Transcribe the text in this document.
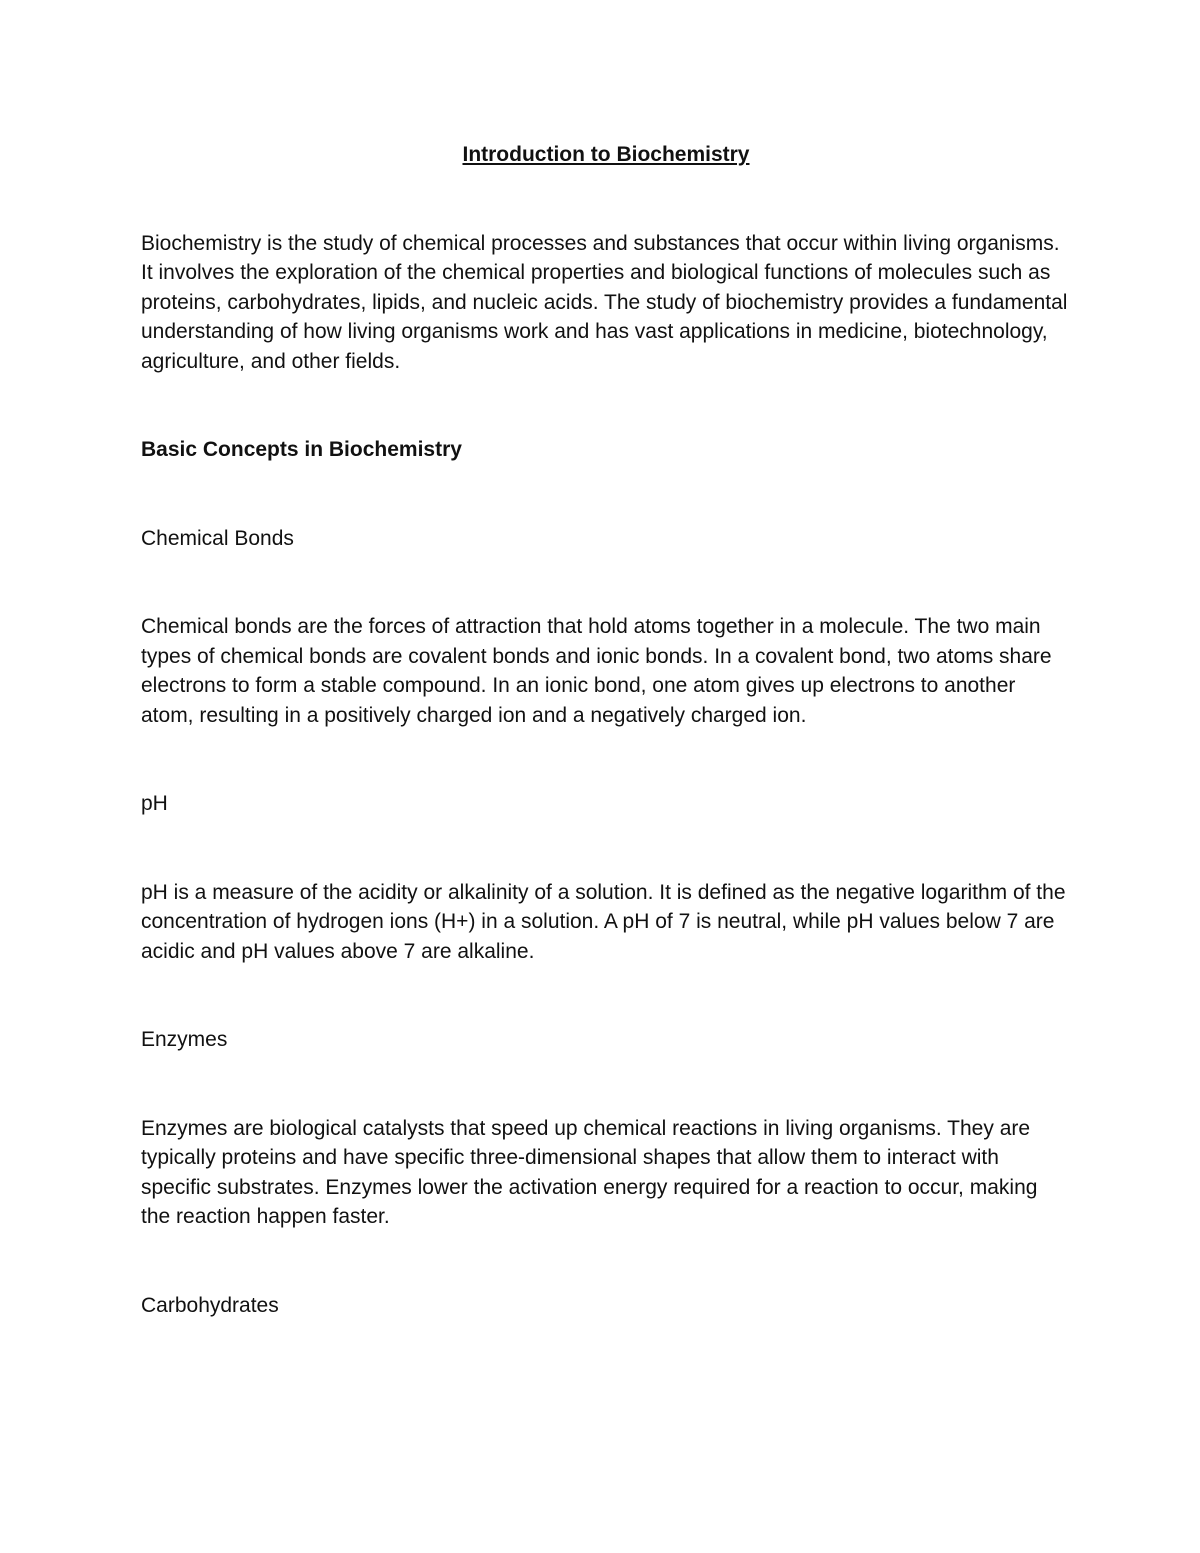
Introduction to Biochemistry

Biochemistry is the study of chemical processes and substances that occur within living organisms. It involves the exploration of the chemical properties and biological functions of molecules such as proteins, carbohydrates, lipids, and nucleic acids. The study of biochemistry provides a fundamental understanding of how living organisms work and has vast applications in medicine, biotechnology, agriculture, and other fields.

Basic Concepts in Biochemistry

Chemical Bonds

Chemical bonds are the forces of attraction that hold atoms together in a molecule. The two main types of chemical bonds are covalent bonds and ionic bonds. In a covalent bond, two atoms share electrons to form a stable compound. In an ionic bond, one atom gives up electrons to another atom, resulting in a positively charged ion and a negatively charged ion.

pH

pH is a measure of the acidity or alkalinity of a solution. It is defined as the negative logarithm of the concentration of hydrogen ions (H+) in a solution. A pH of 7 is neutral, while pH values below 7 are acidic and pH values above 7 are alkaline.

Enzymes

Enzymes are biological catalysts that speed up chemical reactions in living organisms. They are typically proteins and have specific three-dimensional shapes that allow them to interact with specific substrates. Enzymes lower the activation energy required for a reaction to occur, making the reaction happen faster.

Carbohydrates
